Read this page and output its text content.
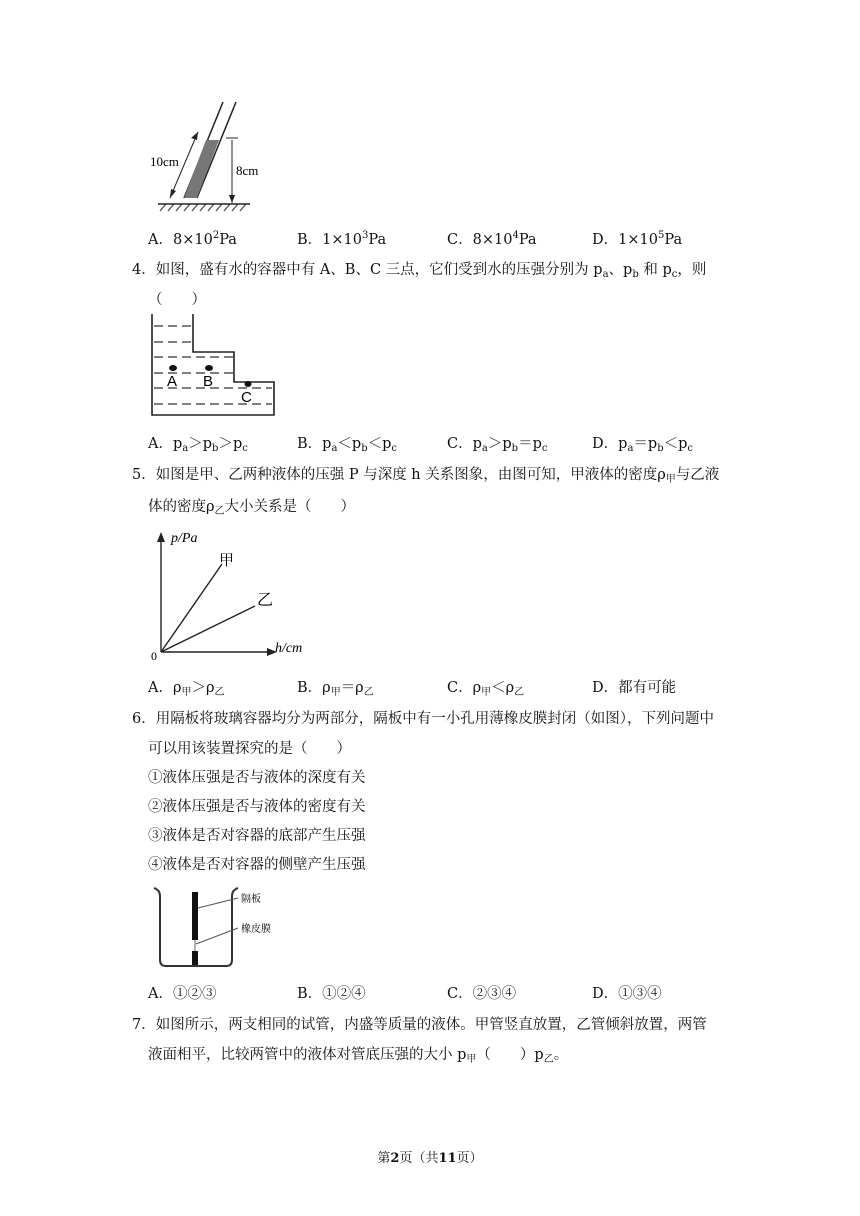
10cm
8cm
A．$8\times 10^2Pa$	B．$1\times 10^3Pa$	C．$8\times 10^4Pa$	D．$1\times 10^5Pa$
4．如图，盛有水的容器中有 A、B、C 三点，它们受到水的压强分别为 $p_a$、$p_b$ 和 $p_c$，则
（　　）
A B
C
A．$p_a>p_b>p_c$	B．$p_a<p_b<p_c$	C．$p_a>p_b=p_c$	D．$p_a=p_b<p_c$
5．如图是甲、乙两种液体的压强 P 与深度 h 关系图象，由图可知，甲液体的密度$\rho_甲$与乙液
体的密度$\rho_乙$大小关系是（　　）
p/Pa
h/cm
0
甲
乙
A．$\rho_甲>\rho_乙$	B．$\rho_甲=\rho_乙$	C．$\rho_甲<\rho_乙$	D．都有可能
6．用隔板将玻璃容器均分为两部分，隔板中有一小孔用薄橡皮膜封闭（如图），下列问题中
可以用该装置探究的是（　　）
①液体压强是否与液体的深度有关
②液体压强是否与液体的密度有关
③液体是否对容器的底部产生压强
④液体是否对容器的侧壁产生压强
隔板
橡皮膜
A．①②③	B．①②④	C．②③④	D．①③④
7．如图所示，两支相同的试管，内盛等质量的液体。甲管竖直放置，乙管倾斜放置，两管
液面相平，比较两管中的液体对管底压强的大小 $p_甲$（　　）$p_乙$。
第2页（共11页）
